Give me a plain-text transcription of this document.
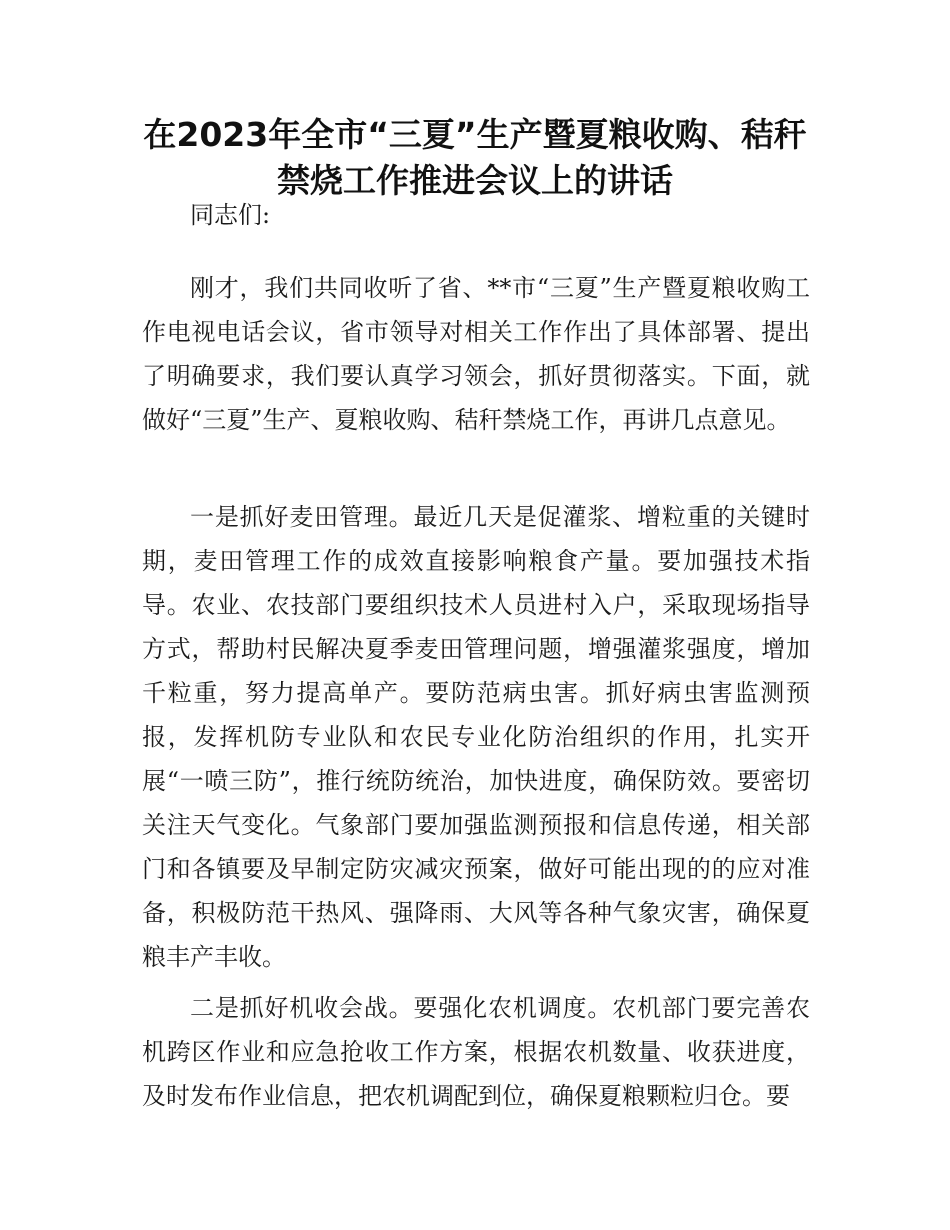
在2023年全市“三夏”生产暨夏粮收购、秸秆
禁烧工作推进会议上的讲话

同志们:

刚才，我们共同收听了省、**市“三夏”生产暨夏粮收购工作电视电话会议，省市领导对相关工作作出了具体部署、提出了明确要求，我们要认真学习领会，抓好贯彻落实。下面，就做好“三夏”生产、夏粮收购、秸秆禁烧工作，再讲几点意见。

一是抓好麦田管理。最近几天是促灌浆、增粒重的关键时期，麦田管理工作的成效直接影响粮食产量。要加强技术指导。农业、农技部门要组织技术人员进村入户，采取现场指导方式，帮助村民解决夏季麦田管理问题，增强灌浆强度，增加千粒重，努力提高单产。要防范病虫害。抓好病虫害监测预报，发挥机防专业队和农民专业化防治组织的作用，扎实开展“一喷三防”，推行统防统治，加快进度，确保防效。要密切关注天气变化。气象部门要加强监测预报和信息传递，相关部门和各镇要及早制定防灾减灾预案，做好可能出现的的应对准备，积极防范干热风、强降雨、大风等各种气象灾害，确保夏粮丰产丰收。

二是抓好机收会战。要强化农机调度。农机部门要完善农机跨区作业和应急抢收工作方案，根据农机数量、收获进度，及时发布作业信息，把农机调配到位，确保夏粮颗粒归仓。要
